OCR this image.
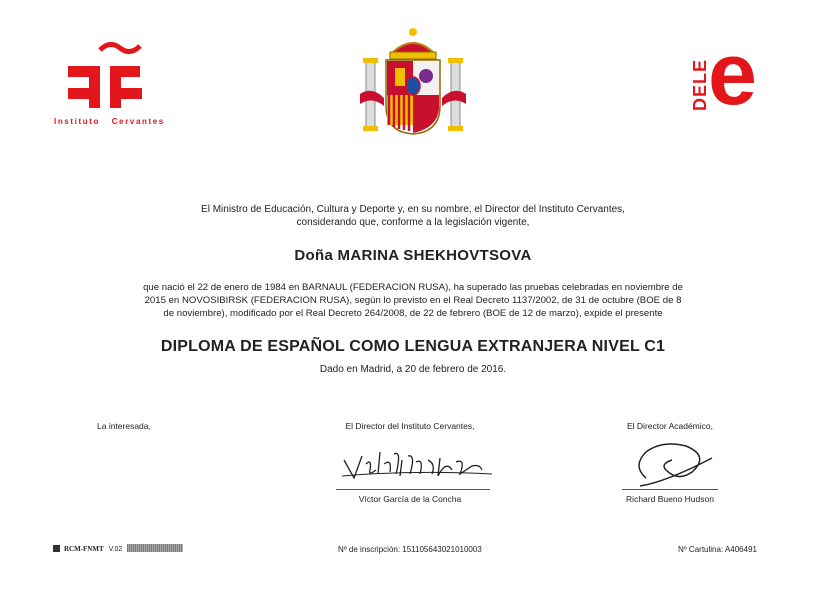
Instituto Cervantes
DELE
e
El Ministro de Educación, Cultura y Deporte y, en su nombre, el Director del Instituto Cervantes,
considerando que, conforme a la legislación vigente,
Doña MARINA SHEKHOVTSOVA
que nació el 22 de enero de 1984 en BARNAUL (FEDERACION RUSA), ha superado las pruebas celebradas en noviembre de
2015 en NOVOSIBIRSK (FEDERACION RUSA), según lo previsto en el Real Decreto 1137/2002, de 31 de octubre (BOE de 8
de noviembre), modificado por el Real Decreto 264/2008, de 22 de febrero (BOE de 12 de marzo), expide el presente
DIPLOMA DE ESPAÑOL COMO LENGUA EXTRANJERA NIVEL C1
Dado en Madrid, a 20 de febrero de 2016.
La interesada,	El Director del Instituto Cervantes,
Víctor García de la Concha
El Director Académico,
Richard Bueno Hudson
RCM-FNMT V.02	Nº de inscripción: 151105643021010003	Nº Cartulina: A406491
